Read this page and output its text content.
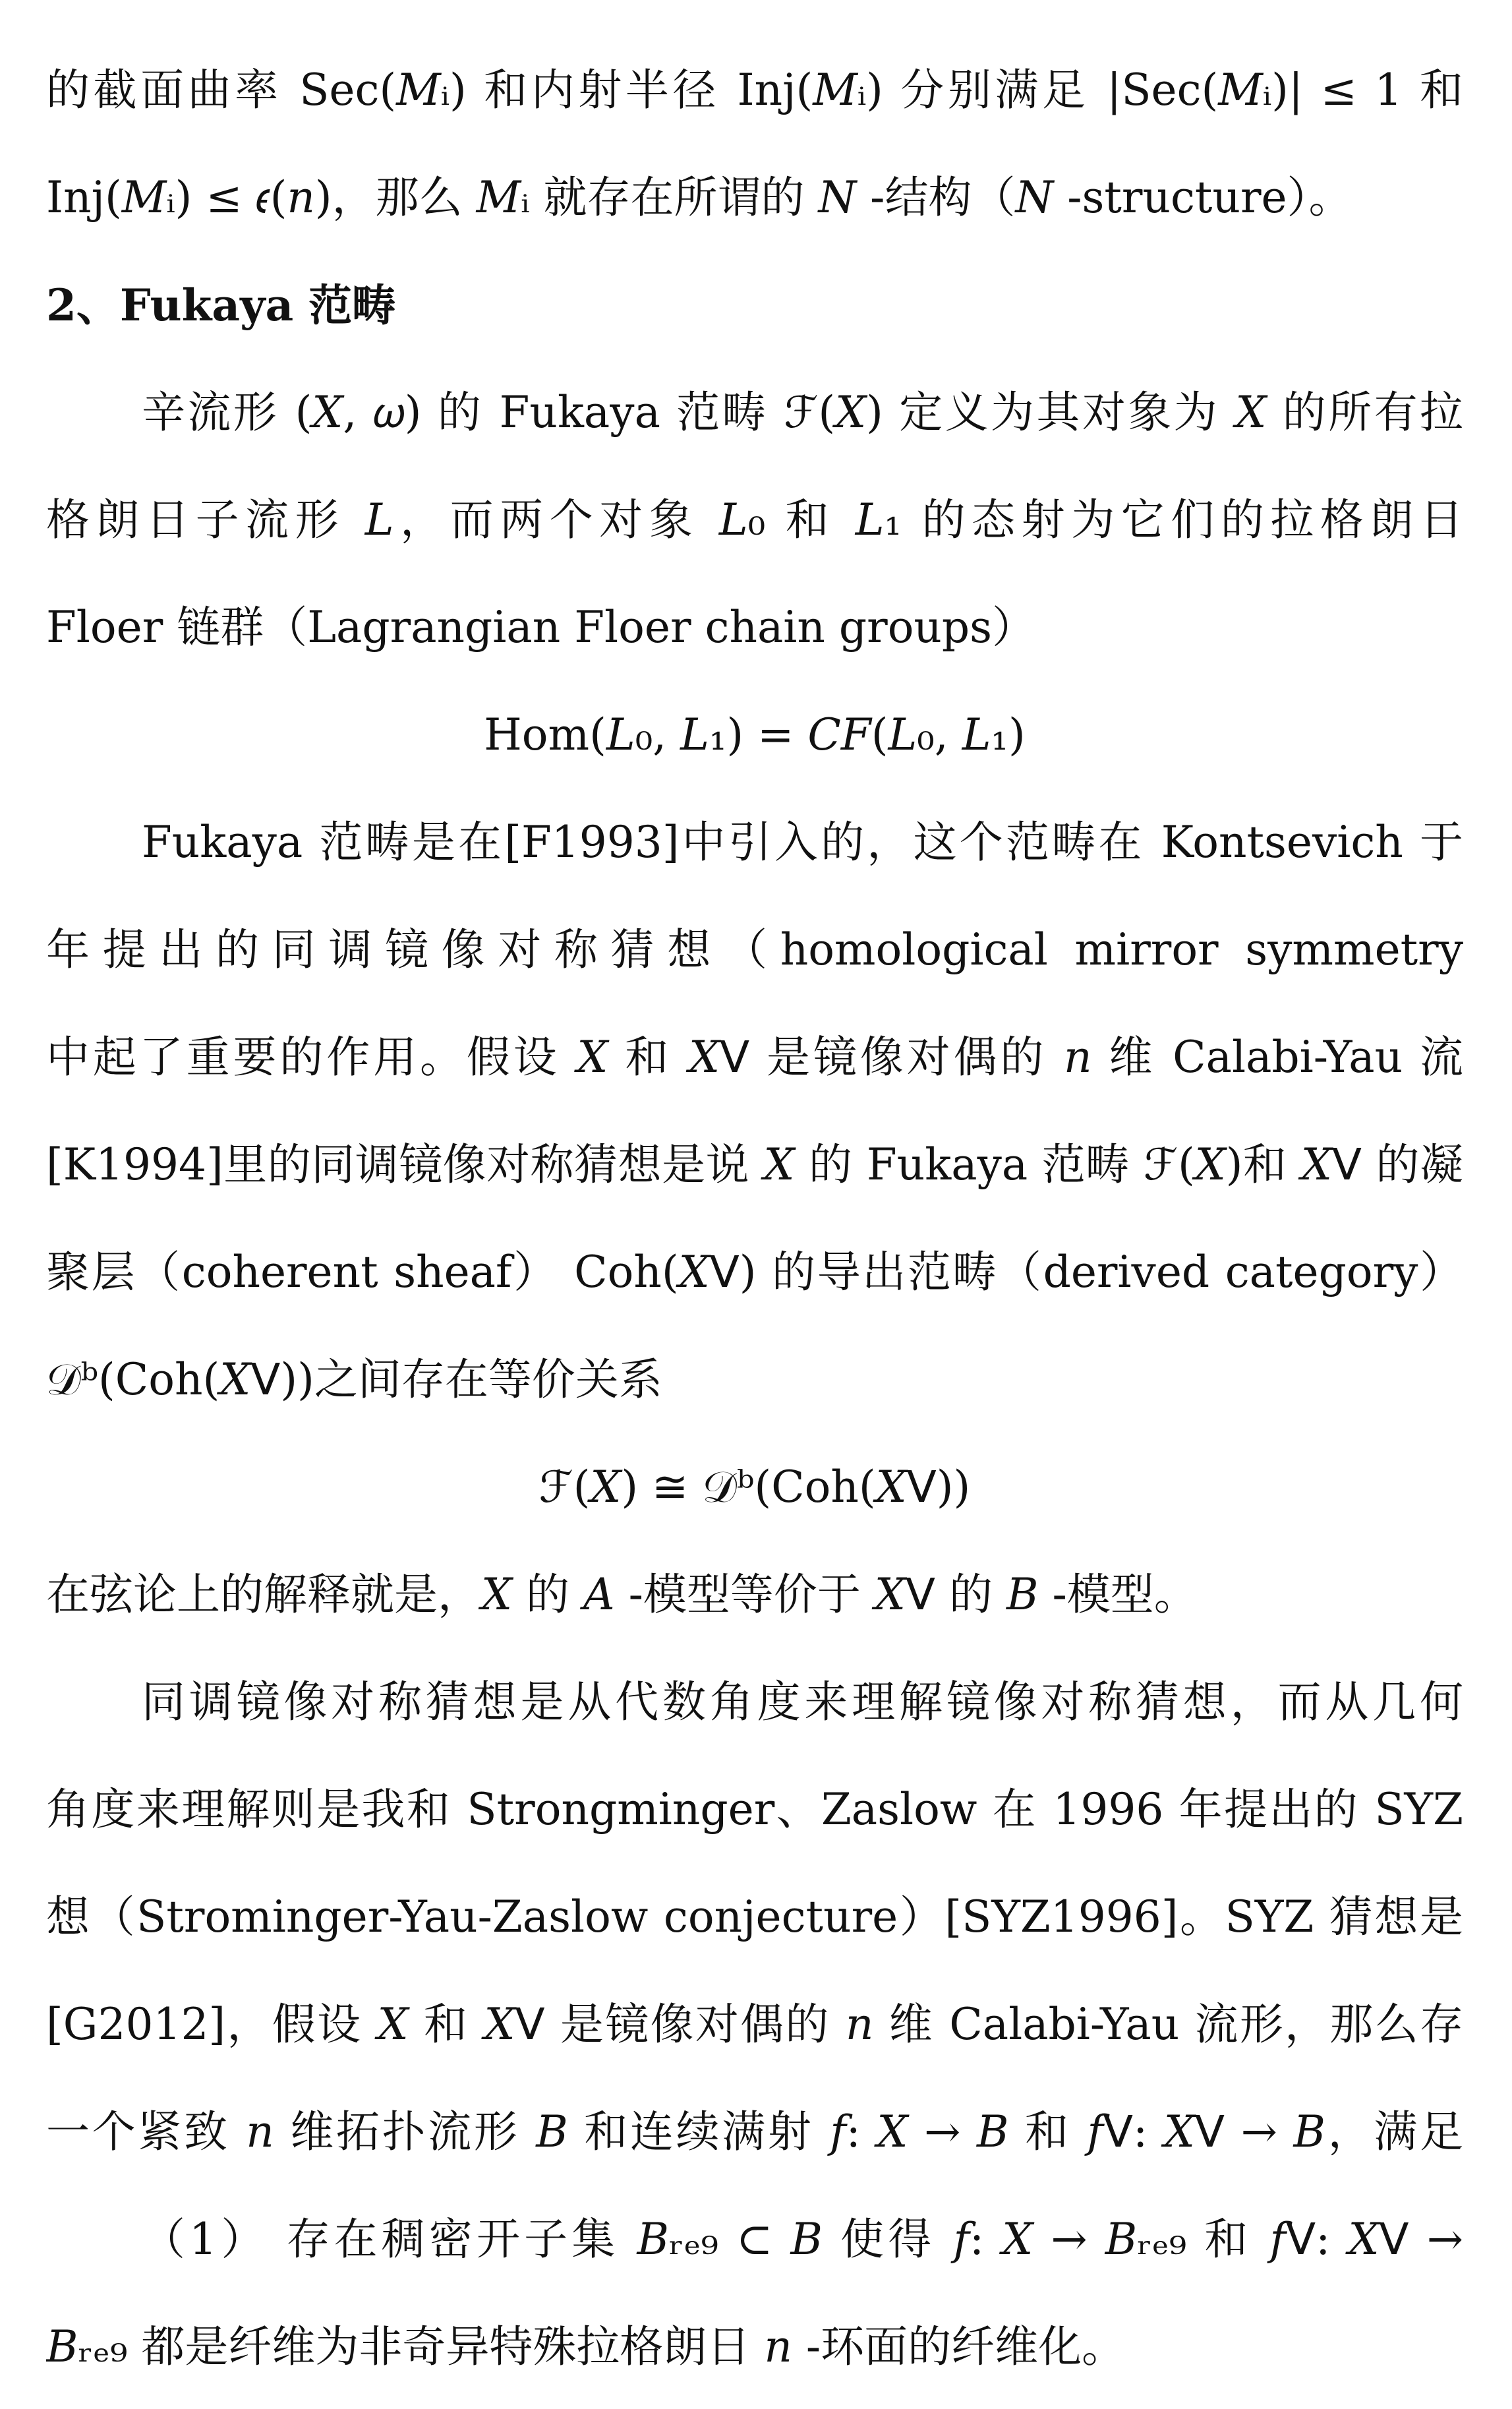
的截面曲率 Sec(𝑀ᵢ) 和内射半径 Inj(𝑀ᵢ) 分别满足 |Sec(𝑀ᵢ)| ≤ 1 和
Inj(𝑀ᵢ) ≤ 𝜖(𝑛)，那么 𝑀ᵢ 就存在所谓的 𝑁 -结构（𝑁 -structure）。
2、Fukaya 范畴
辛流形 (𝑋, 𝜔) 的 Fukaya 范畴 ℱ(𝑋) 定义为其对象为 𝑋 的所有拉
格朗日子流形 𝐿，而两个对象 𝐿₀ 和 𝐿₁ 的态射为它们的拉格朗日
Floer 链群（Lagrangian Floer chain groups）
Hom(𝐿₀, 𝐿₁) = 𝐶𝐹(𝐿₀, 𝐿₁)
Fukaya 范畴是在[F1993]中引入的，这个范畴在 Kontsevich 于
年提出的同调镜像对称猜想（homological mirror symmetry
中起了重要的作用。假设 𝑋 和 𝑋ᐯ 是镜像对偶的 𝑛 维 Calabi-Yau 流
[K1994]里的同调镜像对称猜想是说 𝑋 的 Fukaya 范畴 ℱ(𝑋)和 𝑋ᐯ 的凝
聚层（coherent sheaf） Coh(𝑋ᐯ) 的导出范畴（derived category）
𝒟ᵇ(Coh(𝑋ᐯ))之间存在等价关系
ℱ(𝑋) ≅ 𝒟ᵇ(Coh(𝑋ᐯ))
在弦论上的解释就是，𝑋 的 𝐴 -模型等价于 𝑋ᐯ 的 𝐵 -模型。
同调镜像对称猜想是从代数角度来理解镜像对称猜想，而从几何
角度来理解则是我和 Strongminger、Zaslow 在 1996 年提出的 SYZ
想（Strominger-Yau-Zaslow conjecture）[SYZ1996]。SYZ 猜想是
[G2012]，假设 𝑋 和 𝑋ᐯ 是镜像对偶的 𝑛 维 Calabi-Yau 流形，那么存
一个紧致 𝑛 维拓扑流形 𝐵 和连续满射 𝑓: 𝑋 → 𝐵 和 𝑓ᐯ: 𝑋ᐯ → 𝐵，满足
（1） 存在稠密开子集 𝐵ᵣₑ₉ ⊂ 𝐵 使得 𝑓: 𝑋 → 𝐵ᵣₑ₉ 和 𝑓ᐯ: 𝑋ᐯ →
𝐵ᵣₑ₉ 都是纤维为非奇异特殊拉格朗日 𝑛 -环面的纤维化。
